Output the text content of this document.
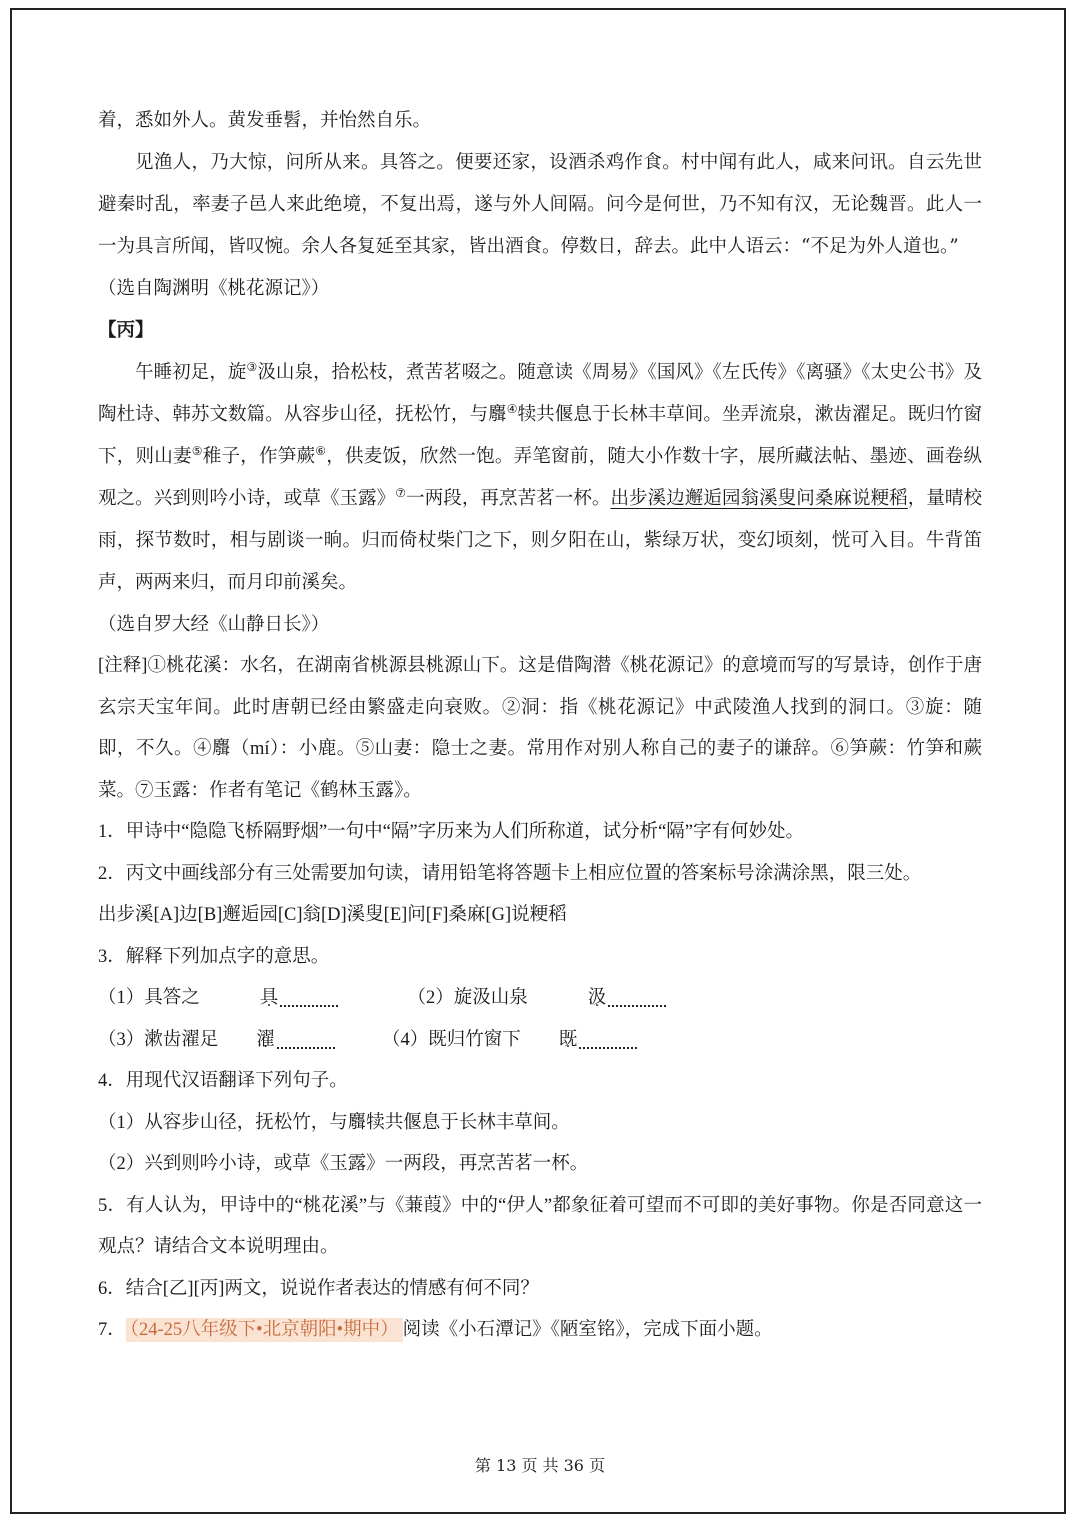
着，悉如外人。黄发垂髫，并怡然自乐。

见渔人，乃大惊，问所从来。具答之。便要还家，设酒杀鸡作食。村中闻有此人，咸来问讯。自云先世避秦时乱，率妻子邑人来此绝境，不复出焉，遂与外人间隔。问今是何世，乃不知有汉，无论魏晋。此人一一为具言所闻，皆叹惋。余人各复延至其家，皆出酒食。停数日，辞去。此中人语云：“不足为外人道也。”

（选自陶渊明《桃花源记》）

【丙】

午睡初足，旋③汲山泉，拾松枝，煮苦茗啜之。随意读《周易》《国风》《左氏传》《离骚》《太史公书》及陶杜诗、韩苏文数篇。从容步山径，抚松竹，与麛④犊共偃息于长林丰草间。坐弄流泉，漱齿濯足。既归竹窗下，则山妻⑤稚子，作笋蕨⑥，供麦饭，欣然一饱。弄笔窗前，随大小作数十字，展所藏法帖、墨迹、画卷纵观之。兴到则吟小诗，或草《玉露》⑦一两段，再烹苦茗一杯。出步溪边邂逅园翁溪叟问桑麻说粳稻，量晴校雨，探节数时，相与剧谈一晌。归而倚杖柴门之下，则夕阳在山，紫绿万状，变幻顷刻，恍可入目。牛背笛声，两两来归，而月印前溪矣。

（选自罗大经《山静日长》）

[注释]①桃花溪：水名，在湖南省桃源县桃源山下。这是借陶潜《桃花源记》的意境而写的写景诗，创作于唐玄宗天宝年间。此时唐朝已经由繁盛走向衰败。②洞：指《桃花源记》中武陵渔人找到的洞口。③旋：随即，不久。④麛（mí）：小鹿。⑤山妻：隐士之妻。常用作对别人称自己的妻子的谦辞。⑥笋蕨：竹笋和蕨菜。⑦玉露：作者有笔记《鹤林玉露》。

1．甲诗中“隐隐飞桥隔野烟”一句中“隔”字历来为人们所称道，试分析“隔”字有何妙处。

2．丙文中画线部分有三处需要加句读，请用铅笔将答题卡上相应位置的答案标号涂满涂黑，限三处。

出步溪[A]边[B]邂逅园[C]翁[D]溪叟[E]问[F]桑麻[G]说粳稻

3．解释下列加点字的意思。

（1）具答之	具 .	（2）旋汲山泉	汲 .

（3）漱齿濯足 濯 .	（4）既归竹窗下 既 .

4．用现代汉语翻译下列句子。

（1）从容步山径，抚松竹，与麛犊共偃息于长林丰草间。

（2）兴到则吟小诗，或草《玉露》一两段，再烹苦茗一杯。

5．有人认为，甲诗中的“桃花溪”与《蒹葭》中的“伊人”都象征着可望而不可即的美好事物。你是否同意这一观点？请结合文本说明理由。

6．结合[乙][丙]两文，说说作者表达的情感有何不同？

7． （24-25八年级下•北京朝阳•期中） 阅读《小石潭记》《陋室铭》，完成下面小题。

第 13 页 共 36 页
